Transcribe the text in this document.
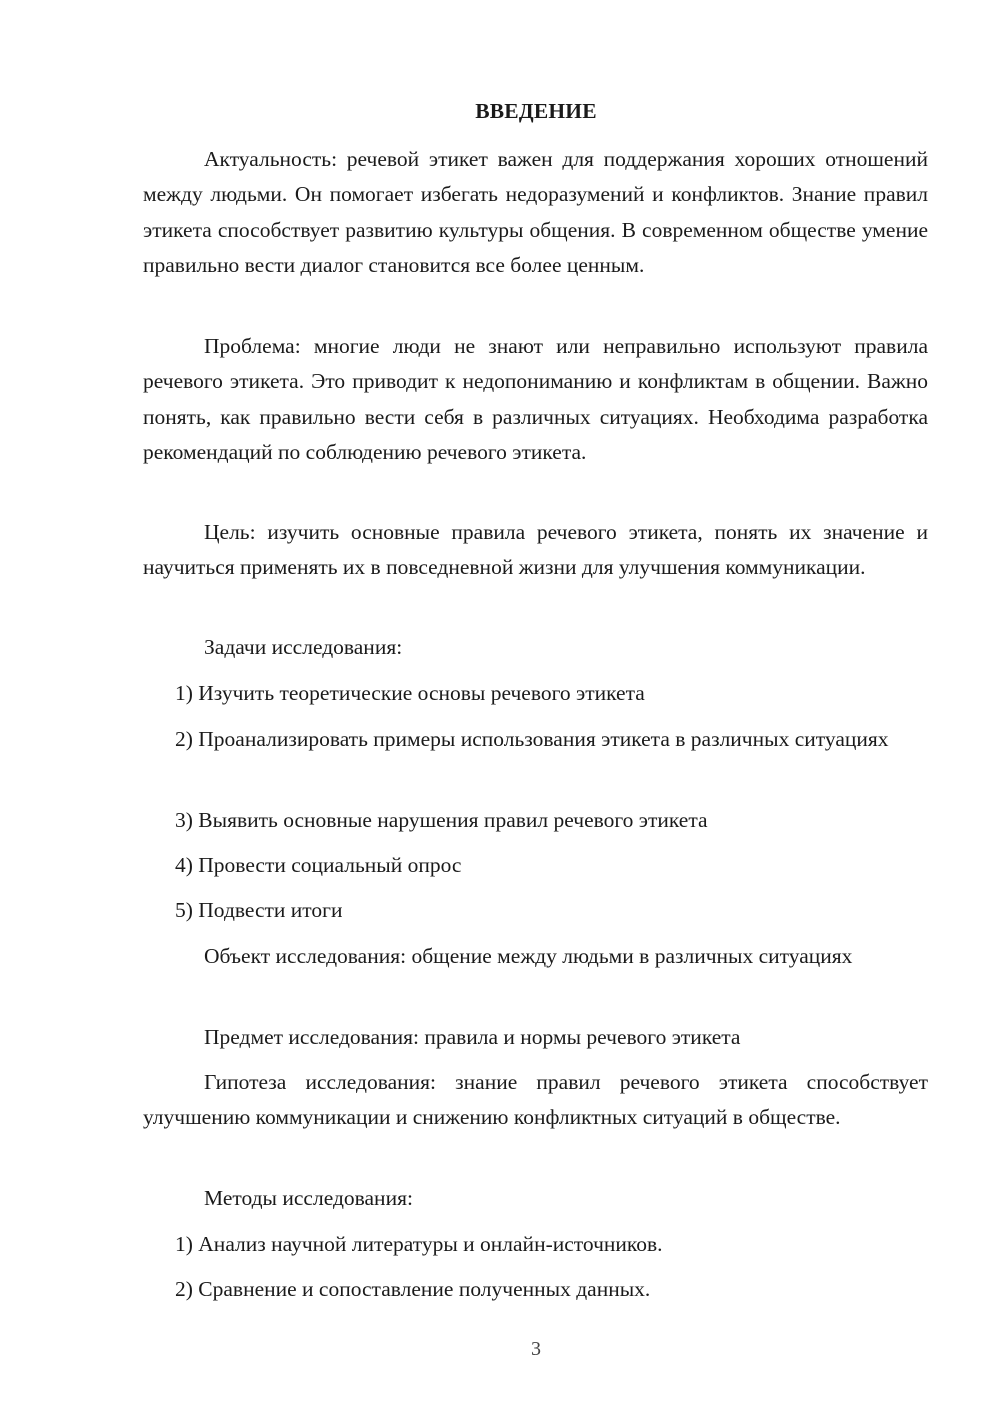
ВВЕДЕНИЕ
Актуальность: речевой этикет важен для поддержания хороших отношений между людьми. Он помогает избегать недоразумений и конфликтов. Знание правил этикета способствует развитию культуры общения. В современном обществе умение правильно вести диалог становится все более ценным.
Проблема: многие люди не знают или неправильно используют правила речевого этикета. Это приводит к недопониманию и конфликтам в общении. Важно понять, как правильно вести себя в различных ситуациях. Необходима разработка рекомендаций по соблюдению речевого этикета.
Цель: изучить основные правила речевого этикета, понять их значение и научиться применять их в повседневной жизни для улучшения коммуникации.
Задачи исследования:
1) Изучить теоретические основы речевого этикета
2) Проанализировать примеры использования этикета в различных ситуациях
3) Выявить основные нарушения правил речевого этикета
4) Провести социальный опрос
5) Подвести итоги
Объект исследования: общение между людьми в различных ситуациях
Предмет исследования: правила и нормы речевого этикета
Гипотеза исследования: знание правил речевого этикета способствует улучшению коммуникации и снижению конфликтных ситуаций в обществе.
Методы исследования:
1) Анализ научной литературы и онлайн-источников.
2) Сравнение и сопоставление полученных данных.
3
